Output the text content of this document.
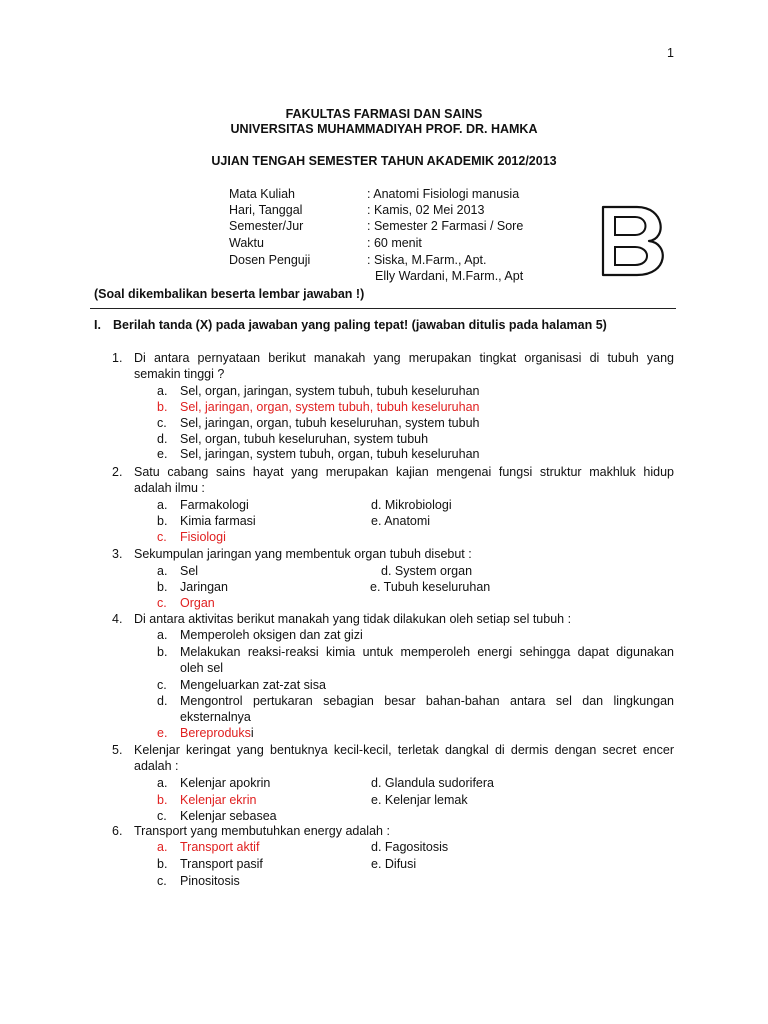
1
FAKULTAS FARMASI DAN SAINS
UNIVERSITAS MUHAMMADIYAH PROF. DR. HAMKA
UJIAN TENGAH SEMESTER TAHUN AKADEMIK 2012/2013
Mata Kuliah	: Anatomi Fisiologi manusia
Hari, Tanggal	: Kamis, 02 Mei 2013
Semester/Jur	: Semester 2 Farmasi / Sore
Waktu	: 60 menit
Dosen Penguji	: Siska, M.Farm., Apt.
Elly Wardani, M.Farm., Apt
(Soal dikembalikan beserta lembar jawaban !)
I. Berilah tanda (X) pada jawaban yang paling tepat! (jawaban ditulis pada halaman 5)
1. Di antara pernyataan berikut manakah yang merupakan tingkat organisasi di tubuh yang
semakin tinggi ?
a. Sel, organ, jaringan, system tubuh, tubuh keseluruhan
b. Sel, jaringan, organ, system tubuh, tubuh keseluruhan
c. Sel, jaringan, organ, tubuh keseluruhan, system tubuh
d. Sel, organ, tubuh keseluruhan, system tubuh
e. Sel, jaringan, system tubuh, organ, tubuh keseluruhan
2. Satu cabang sains hayat yang merupakan kajian mengenai fungsi struktur makhluk hidup
adalah ilmu :
a. Farmakologi	d. Mikrobiologi
b. Kimia farmasi	e. Anatomi
c. Fisiologi
3. Sekumpulan jaringan yang membentuk organ tubuh disebut :
a. Sel	d. System organ
b. Jaringan	e. Tubuh keseluruhan
c. Organ
4. Di antara aktivitas berikut manakah yang tidak dilakukan oleh setiap sel tubuh :
a. Memperoleh oksigen dan zat gizi
b. Melakukan reaksi-reaksi kimia untuk memperoleh energi sehingga dapat digunakan
oleh sel
c. Mengeluarkan zat-zat sisa
d. Mengontrol pertukaran sebagian besar bahan-bahan antara sel dan lingkungan
eksternalnya
e. Bereproduksi
5. Kelenjar keringat yang bentuknya kecil-kecil, terletak dangkal di dermis dengan secret encer
adalah :
a. Kelenjar apokrin	d. Glandula sudorifera
b. Kelenjar ekrin	e. Kelenjar lemak
c. Kelenjar sebasea
6. Transport yang membutuhkan energy adalah :
a. Transport aktif	d. Fagositosis
b. Transport pasif	e. Difusi
c. Pinositosis
